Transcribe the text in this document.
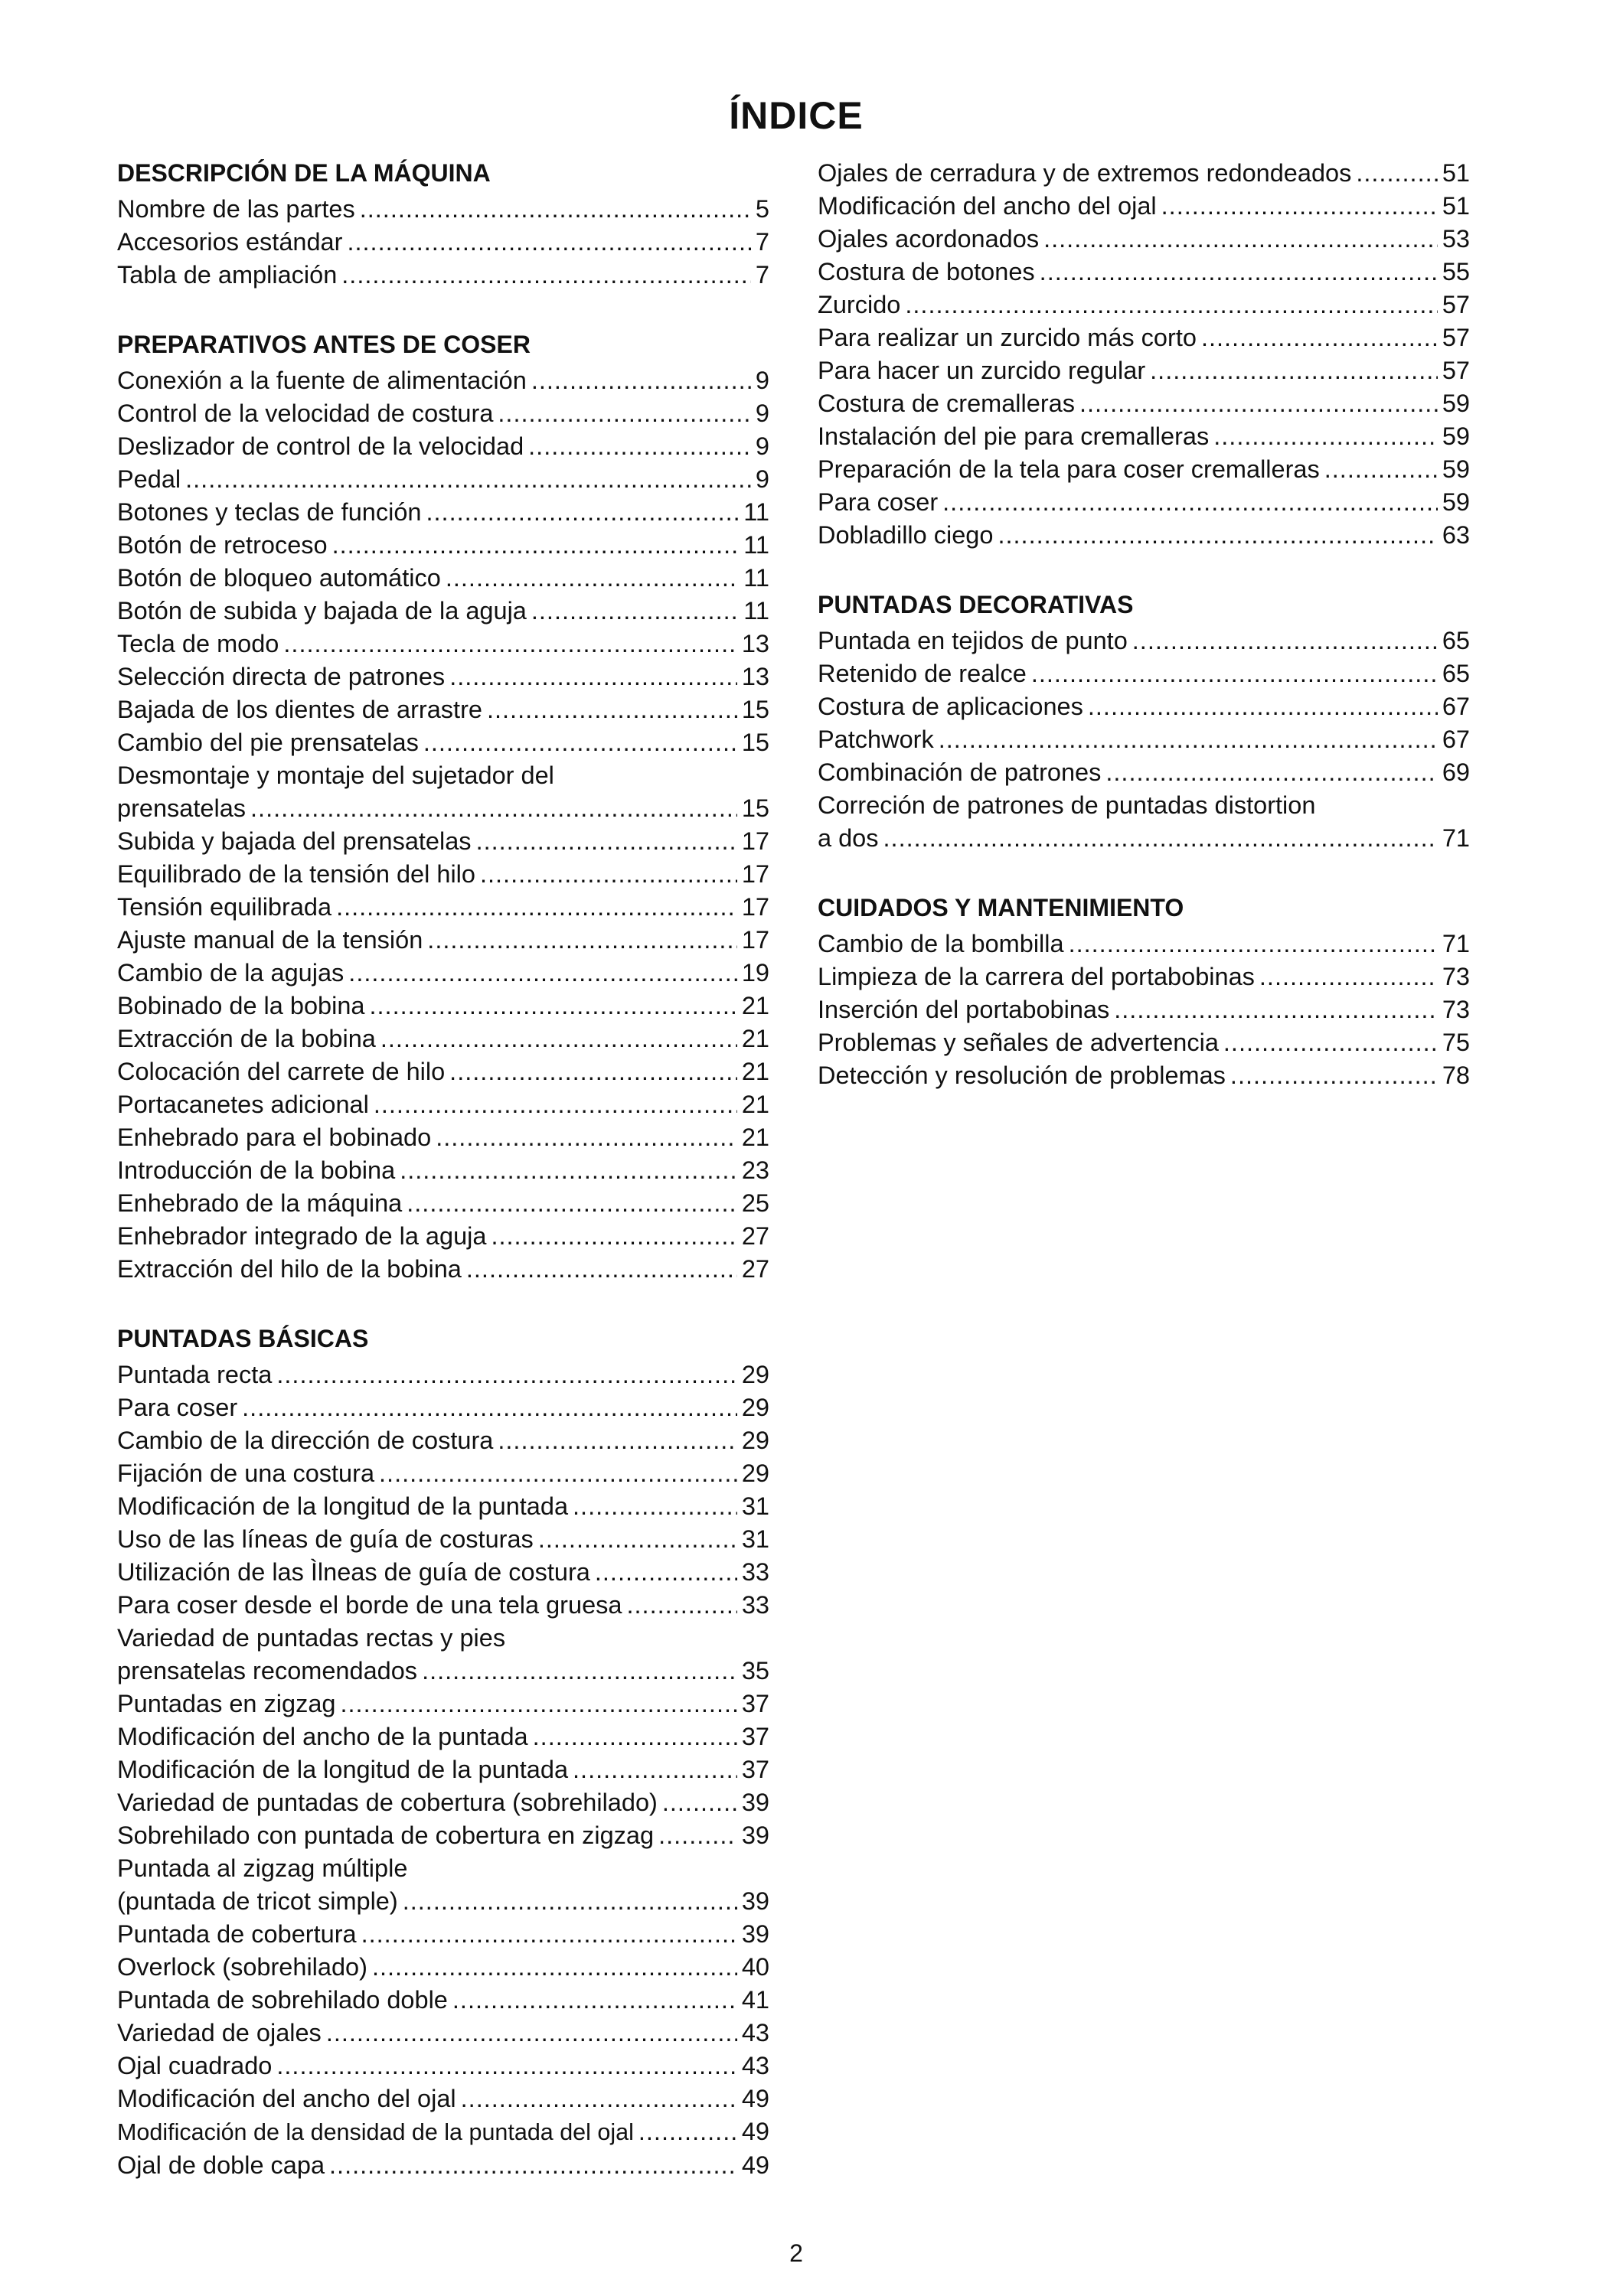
ÍNDICE
DESCRIPCIÓN DE LA MÁQUINA
Nombre de las partes .....	5
Accesorios estándar .....	7
Tabla de ampliación .....	7
PREPARATIVOS ANTES DE COSER
Conexión a la fuente de alimentación .....	9
Control de la velocidad de costura .....	9
Deslizador de control de la velocidad .....	9
Pedal .....	9
Botones y teclas de función .....	11
Botón de retroceso .....	11
Botón de bloqueo automático .....	11
Botón de subida y bajada de la aguja .....	11
Tecla de modo .....	13
Selección directa de patrones .....	13
Bajada de los dientes de arrastre .....	15
Cambio del pie prensatelas .....	15
Desmontaje y montaje del sujetador del
prensatelas .....	15
Subida y bajada del prensatelas .....	17
Equilibrado de la tensión del hilo .....	17
Tensión equilibrada .....	17
Ajuste manual de la tensión .....	17
Cambio de la agujas .....	19
Bobinado de la bobina .....	21
Extracción de la bobina .....	21
Colocación del carrete de hilo .....	21
Portacanetes adicional .....	21
Enhebrado para el bobinado .....	21
Introducción de la bobina .....	23
Enhebrado de la máquina .....	25
Enhebrador integrado de la aguja .....	27
Extracción del hilo de la bobina .....	27
PUNTADAS BÁSICAS
Puntada recta .....	29
Para coser .....	29
Cambio de la dirección de costura .....	29
Fijación de una costura .....	29
Modificación de la longitud de la puntada .....	31
Uso de las líneas de guía de costuras .....	31
Utilización de las Ìlneas de guía de costura .....	33
Para coser desde el borde de una tela gruesa .....	33
Variedad de puntadas rectas y pies
prensatelas recomendados .....	35
Puntadas en zigzag .....	37
Modificación del ancho de la puntada .....	37
Modificación de la longitud de la puntada .....	37
Variedad de puntadas de cobertura (sobrehilado) .....	39
Sobrehilado con puntada de cobertura en zigzag .....	39
Puntada al zigzag múltiple
(puntada de tricot simple) .....	39
Puntada de cobertura .....	39
Overlock (sobrehilado) .....	40
Puntada de sobrehilado doble .....	41
Variedad de ojales .....	43
Ojal cuadrado .....	43
Modificación del ancho del ojal .....	49
Modificación de la densidad de la puntada del ojal .....	49
Ojal de doble capa .....	49
Ojales de cerradura y de extremos redondeados .....	51
Modificación del ancho del ojal .....	51
Ojales acordonados .....	53
Costura de botones .....	55
Zurcido .....	57
Para realizar un zurcido más corto .....	57
Para hacer un zurcido regular .....	57
Costura de cremalleras .....	59
Instalación del pie para cremalleras .....	59
Preparación de la tela para coser cremalleras .....	59
Para coser .....	59
Dobladillo ciego .....	63
PUNTADAS DECORATIVAS
Puntada en tejidos de punto .....	65
Retenido de realce .....	65
Costura de aplicaciones .....	67
Patchwork .....	67
Combinación de patrones .....	69
Correción de patrones de puntadas distortion
a dos .....	71
CUIDADOS Y MANTENIMIENTO
Cambio de la bombilla .....	71
Limpieza de la carrera del portabobinas .....	73
Inserción del portabobinas .....	73
Problemas y señales de advertencia .....	75
Detección y resolución de problemas .....	78
2
